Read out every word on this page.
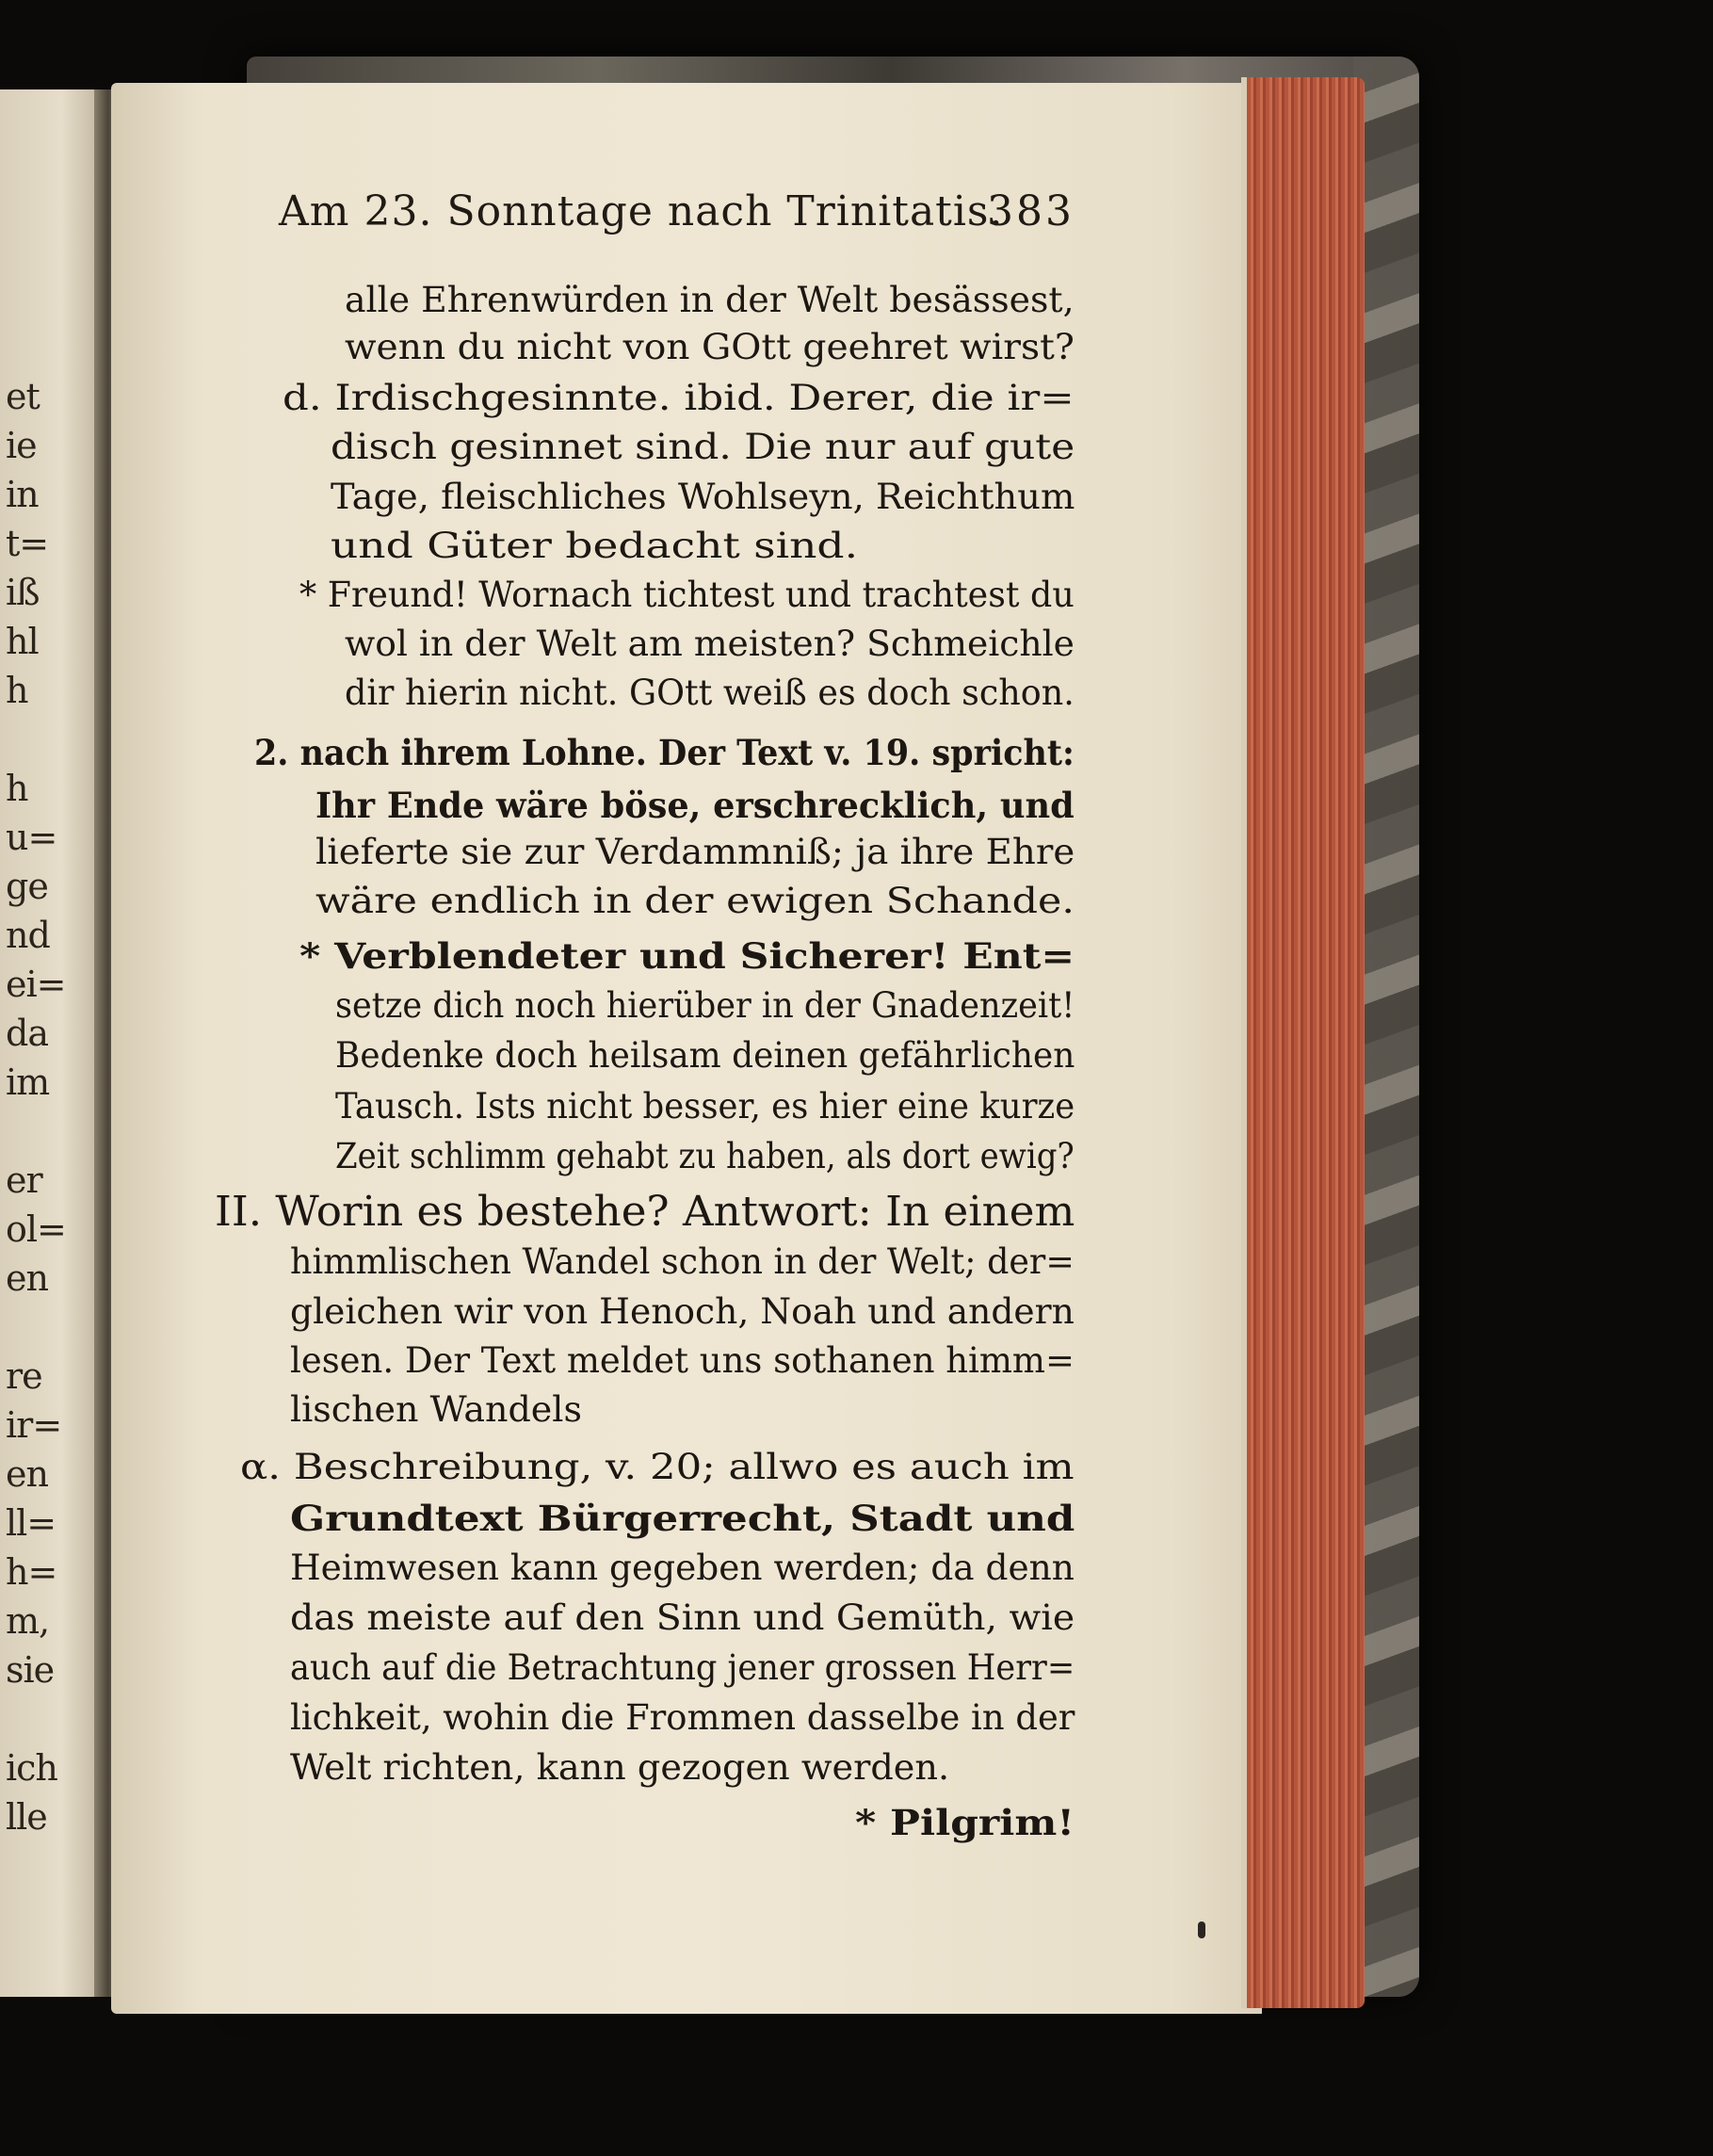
et
ie
in
t=
iß
hl
h
h
u=
ge
nd
ei=
da
im
er
ol=
en
re
ir=
en
ll=
h=
m,
sie
ich
lle
Am 23. Sonntage nach Trinitatis.
383
alle Ehrenwürden in der Welt besässest,
wenn du nicht von GOtt geehret wirst?
d. Irdischgesinnte. ibid. Derer, die ir=
disch gesinnet sind. Die nur auf gute
Tage, fleischliches Wohlseyn, Reichthum
und Güter bedacht sind.
* Freund! Wornach tichtest und trachtest du
wol in der Welt am meisten? Schmeichle
dir hierin nicht. GOtt weiß es doch schon.
2. nach ihrem Lohne. Der Text v. 19. spricht:
Ihr Ende wäre böse, erschrecklich, und
lieferte sie zur Verdammniß; ja ihre Ehre
wäre endlich in der ewigen Schande.
* Verblendeter und Sicherer! Ent=
setze dich noch hierüber in der Gnadenzeit!
Bedenke doch heilsam deinen gefährlichen
Tausch. Ists nicht besser, es hier eine kurze
Zeit schlimm gehabt zu haben, als dort ewig?
II. Worin es bestehe? Antwort: In einem
himmlischen Wandel schon in der Welt; der=
gleichen wir von Henoch, Noah und andern
lesen. Der Text meldet uns sothanen himm=
lischen Wandels
α. Beschreibung, v. 20; allwo es auch im
Grundtext Bürgerrecht, Stadt und
Heimwesen kann gegeben werden; da denn
das meiste auf den Sinn und Gemüth, wie
auch auf die Betrachtung jener grossen Herr=
lichkeit, wohin die Frommen dasselbe in der
Welt richten, kann gezogen werden.
* Pilgrim!
